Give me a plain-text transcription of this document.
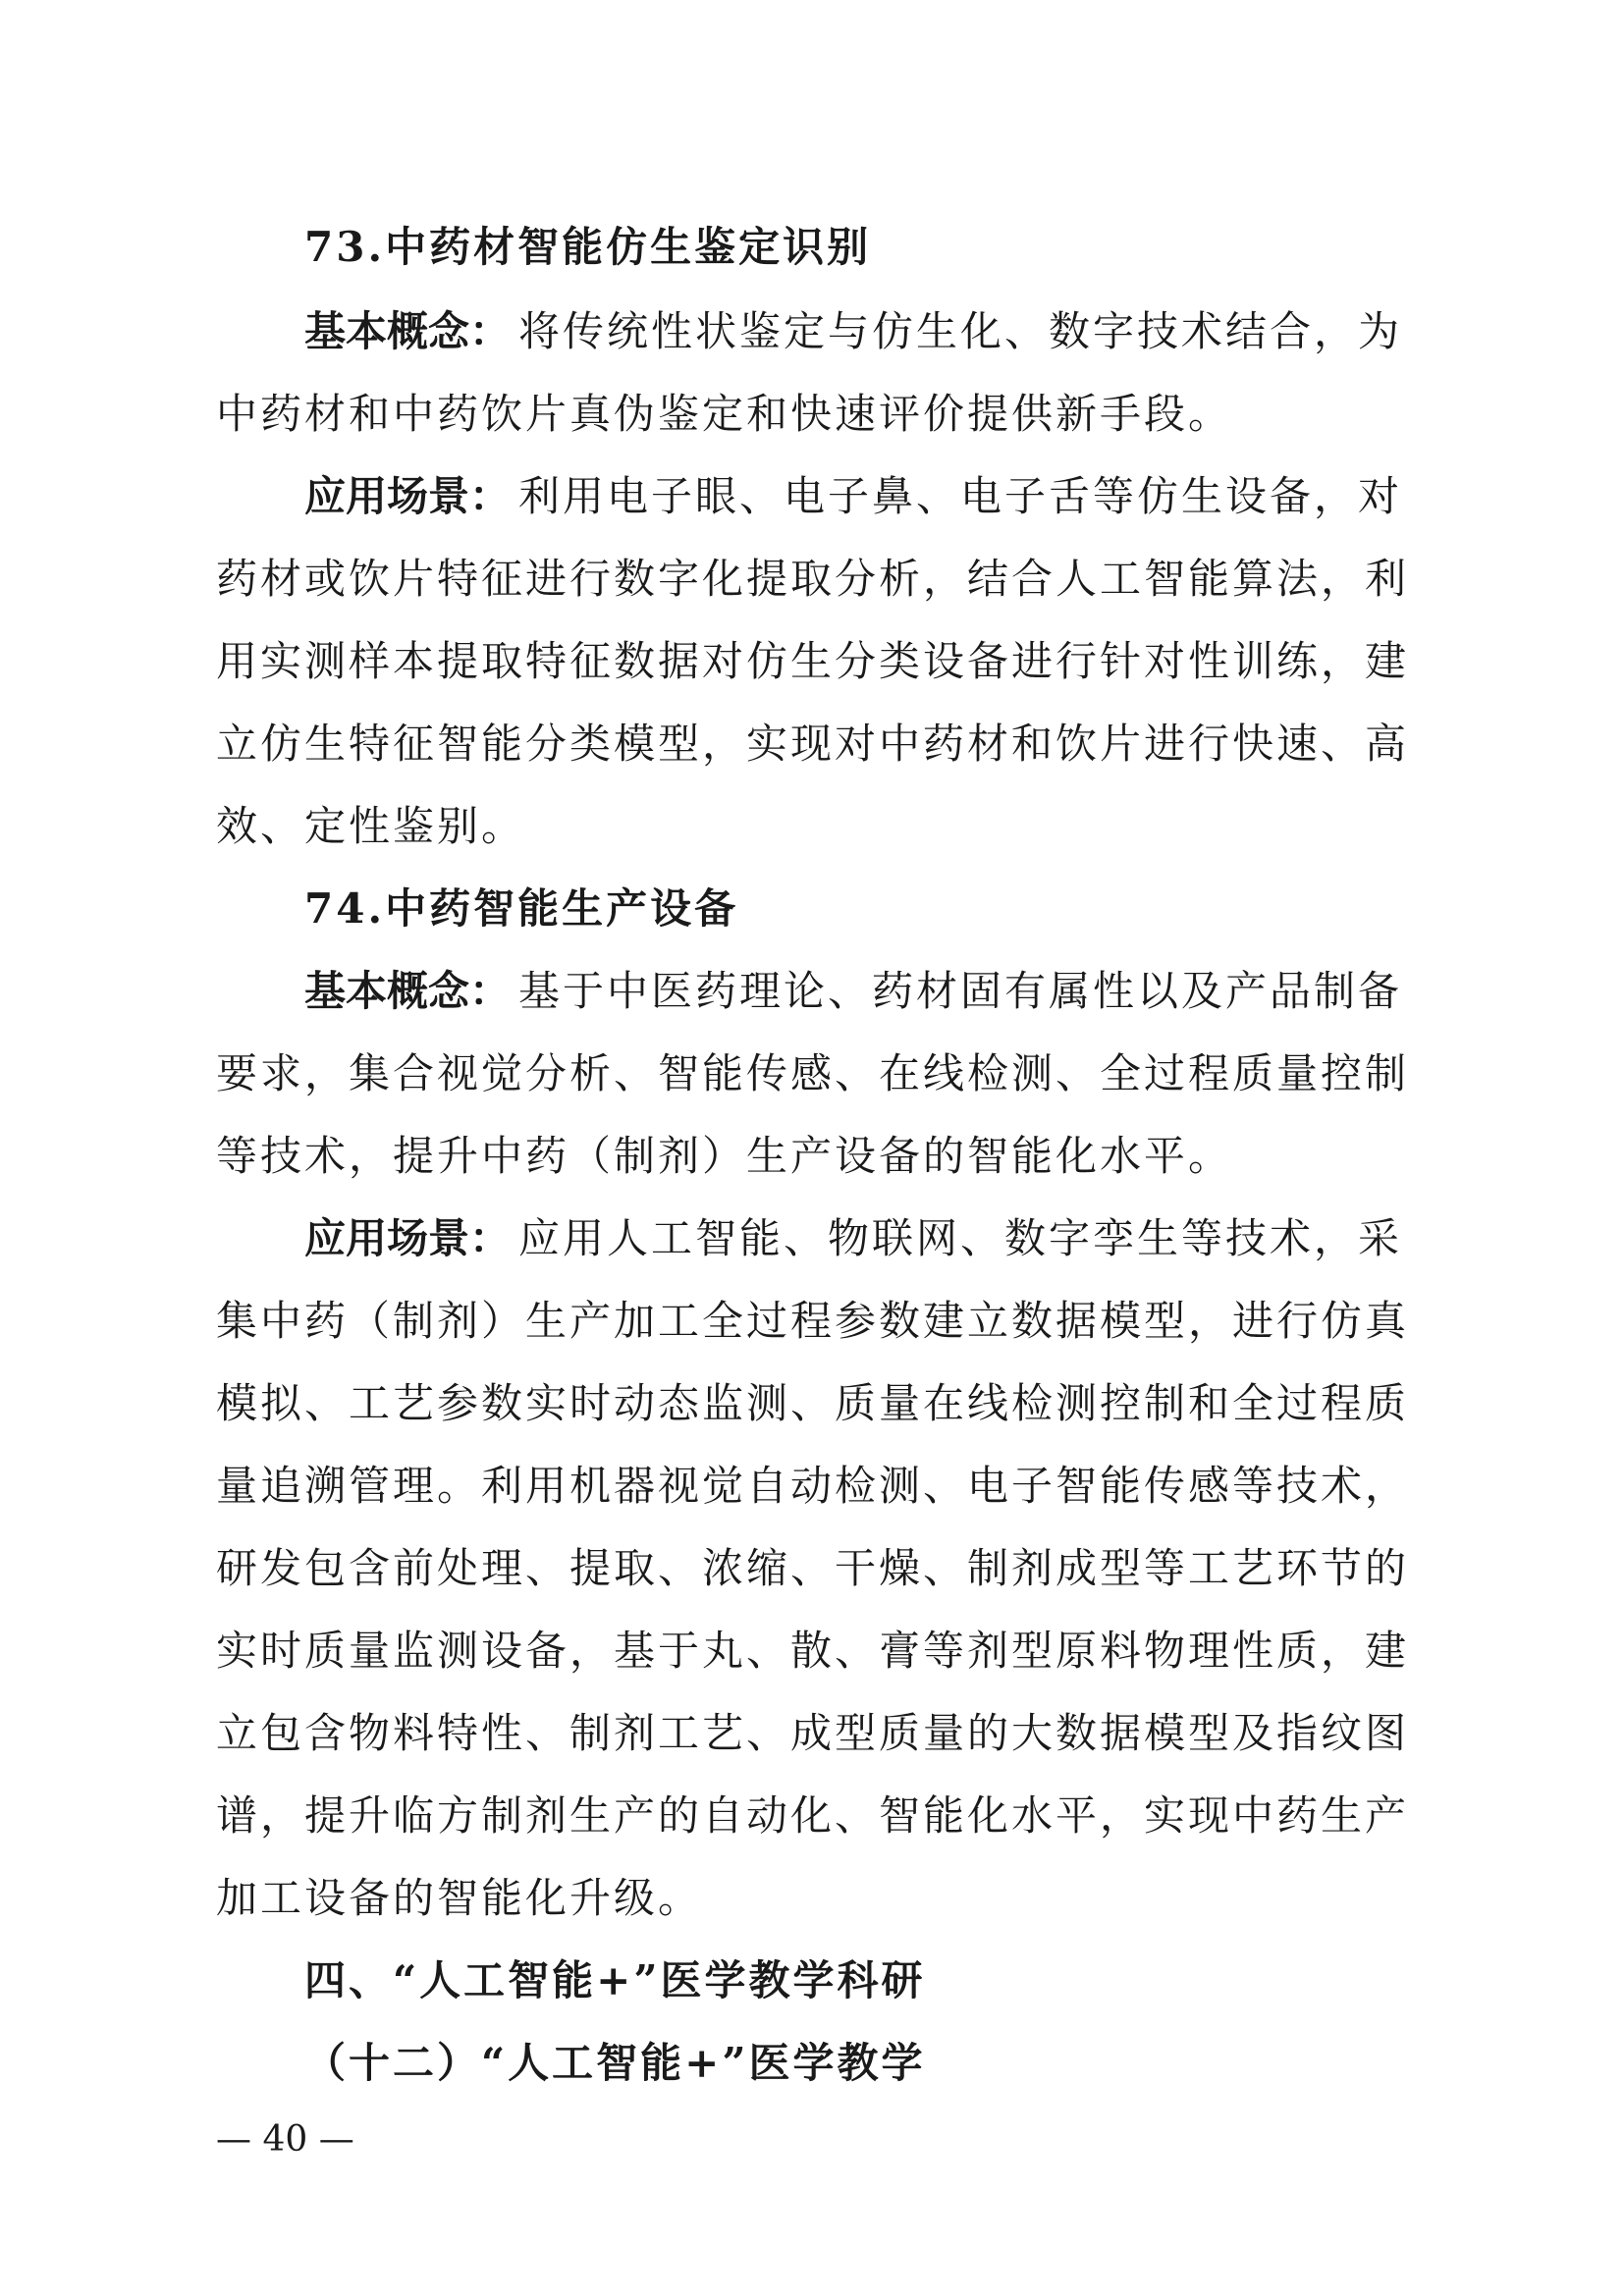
73.中药材智能仿生鉴定识别
基本概念： 将传统性状鉴定与仿生化、数字技术结合，为
中药材和中药饮片真伪鉴定和快速评价提供新手段。
应用场景： 利用电子眼、电子鼻、电子舌等仿生设备，对
药材或饮片特征进行数字化提取分析，结合人工智能算法，利
用实测样本提取特征数据对仿生分类设备进行针对性训练，建
立仿生特征智能分类模型，实现对中药材和饮片进行快速、高
效、定性鉴别。
74.中药智能生产设备
基本概念： 基于中医药理论、药材固有属性以及产品制备
要求，集合视觉分析、智能传感、在线检测、全过程质量控制
等技术，提升中药（制剂）生产设备的智能化水平。
应用场景： 应用人工智能、物联网、数字孪生等技术，采
集中药（制剂）生产加工全过程参数建立数据模型，进行仿真
模拟、工艺参数实时动态监测、质量在线检测控制和全过程质
量追溯管理。利用机器视觉自动检测、电子智能传感等技术，
研发包含前处理、提取、浓缩、干燥、制剂成型等工艺环节的
实时质量监测设备，基于丸、散、膏等剂型原料物理性质，建
立包含物料特性、制剂工艺、成型质量的大数据模型及指纹图
谱，提升临方制剂生产的自动化、智能化水平，实现中药生产
加工设备的智能化升级。
四、“人工智能+”医学教学科研
（十二）“人工智能+”医学教学
— 40 —
